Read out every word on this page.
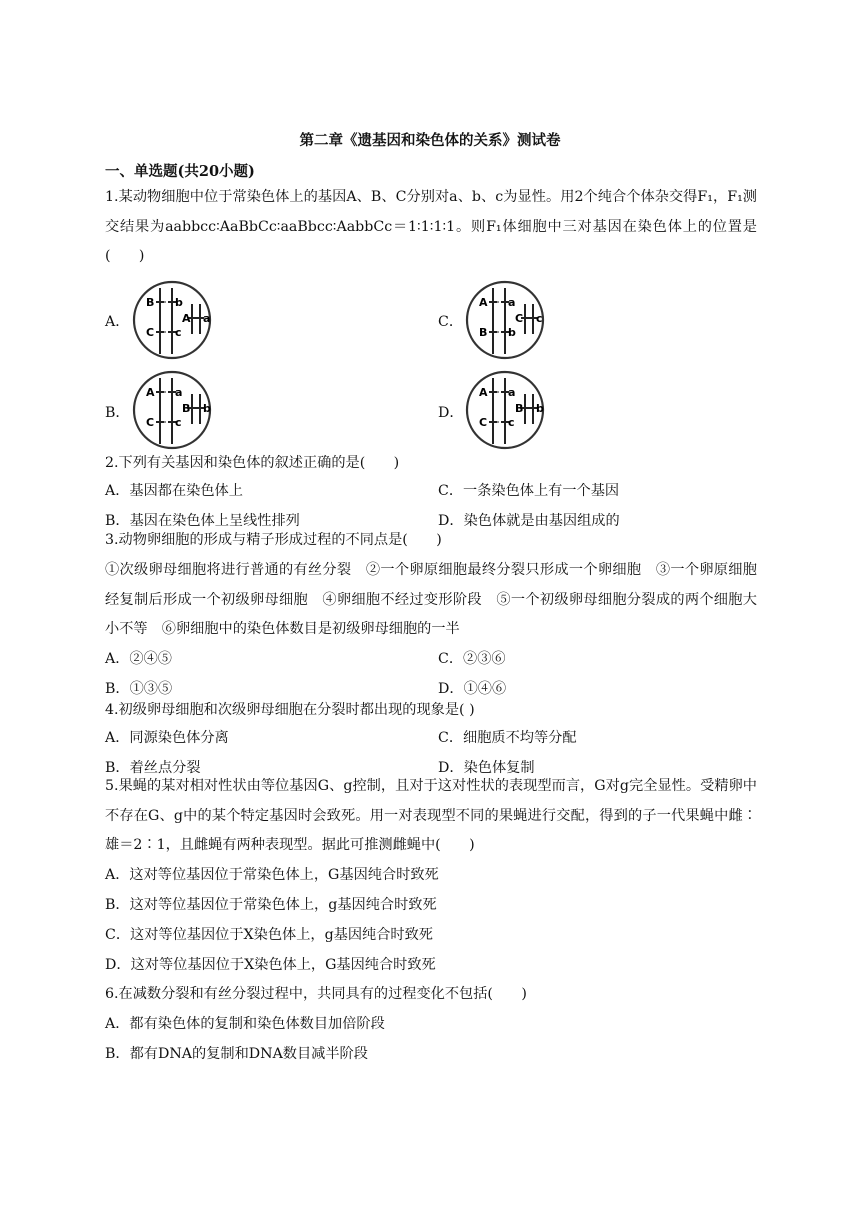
第二章《遗基因和染色体的关系》测试卷
一、单选题(共20小题)
1.某动物细胞中位于常染色体上的基因A、B、C分别对a、b、c为显性。用2个纯合个体杂交得F₁，F₁测交结果为aabbcc∶AaBbCc∶aaBbcc∶AabbCc＝1∶1∶1∶1。则F₁体细胞中三对基因在染色体上的位置是(　　)
A．
B b
C c
A a	C．
A a
B b
C c
B．
A a
C c
B b	D．
A a
C c
B b
2.下列有关基因和染色体的叙述正确的是(　　)
A．基因都在染色体上	C．一条染色体上有一个基因
B．基因在染色体上呈线性排列	D．染色体就是由基因组成的
3.动物卵细胞的形成与精子形成过程的不同点是(　　)
①次级卵母细胞将进行普通的有丝分裂　②一个卵原细胞最终分裂只形成一个卵细胞　③一个卵原细胞经复制后形成一个初级卵母细胞　④卵细胞不经过变形阶段　⑤一个初级卵母细胞分裂成的两个细胞大小不等　⑥卵细胞中的染色体数目是初级卵母细胞的一半
A．②④⑤	C．②③⑥
B．①③⑤	D．①④⑥
4.初级卵母细胞和次级卵母细胞在分裂时都出现的现象是( )
A．同源染色体分离	C．细胞质不均等分配
B．着丝点分裂	D．染色体复制
5.果蝇的某对相对性状由等位基因G、g控制，且对于这对性状的表现型而言，G对g完全显性。受精卵中不存在G、g中的某个特定基因时会致死。用一对表现型不同的果蝇进行交配，得到的子一代果蝇中雌∶雄＝2∶1，且雌蝇有两种表现型。据此可推测雌蝇中(　　)
A．这对等位基因位于常染色体上，G基因纯合时致死
B．这对等位基因位于常染色体上，g基因纯合时致死
C．这对等位基因位于X染色体上，g基因纯合时致死
D．这对等位基因位于X染色体上，G基因纯合时致死
6.在减数分裂和有丝分裂过程中，共同具有的过程变化不包括(　　)
A．都有染色体的复制和染色体数目加倍阶段
B．都有DNA的复制和DNA数目减半阶段
